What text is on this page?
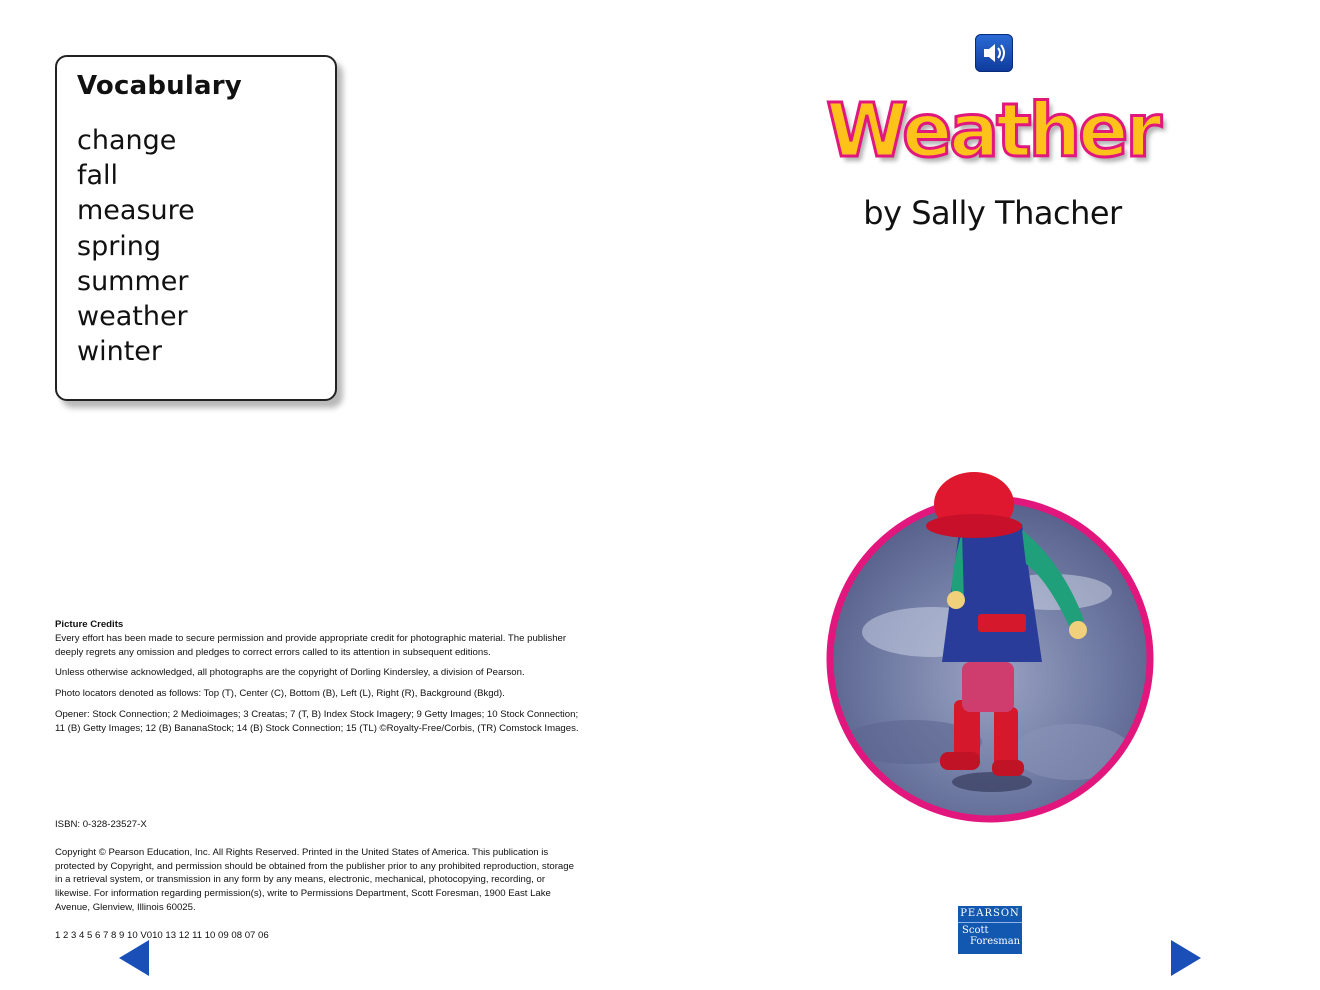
Vocabulary
change
fall
measure
spring
summer
weather
winter
Picture Credits

Every effort has been made to secure permission and provide appropriate credit for photographic material. The publisher deeply regrets any omission and pledges to correct errors called to its attention in subsequent editions.

Unless otherwise acknowledged, all photographs are the copyright of Dorling Kindersley, a division of Pearson.

Photo locators denoted as follows: Top (T), Center (C), Bottom (B), Left (L), Right (R), Background (Bkgd).

Opener: Stock Connection; 2 Medioimages; 3 Creatas; 7 (T, B) Index Stock Imagery; 9 Getty Images; 10 Stock Connection; 11 (B) Getty Images; 12 (B) BananaStock; 14 (B) Stock Connection; 15 (TL) ©Royalty-Free/Corbis, (TR) Comstock Images.

ISBN: 0-328-23527-X

Copyright © Pearson Education, Inc. All Rights Reserved. Printed in the United States of America. This publication is protected by Copyright, and permission should be obtained from the publisher prior to any prohibited reproduction, storage in a retrieval system, or transmission in any form by any means, electronic, mechanical, photocopying, recording, or likewise. For information regarding permission(s), write to Permissions Department, Scott Foresman, 1900 East Lake Avenue, Glenview, Illinois 60025.

1 2 3 4 5 6 7 8 9 10 V010 13 12 11 10 09 08 07 06

Weather
by Sally Thacher
PEARSON
Scott
Foresman
